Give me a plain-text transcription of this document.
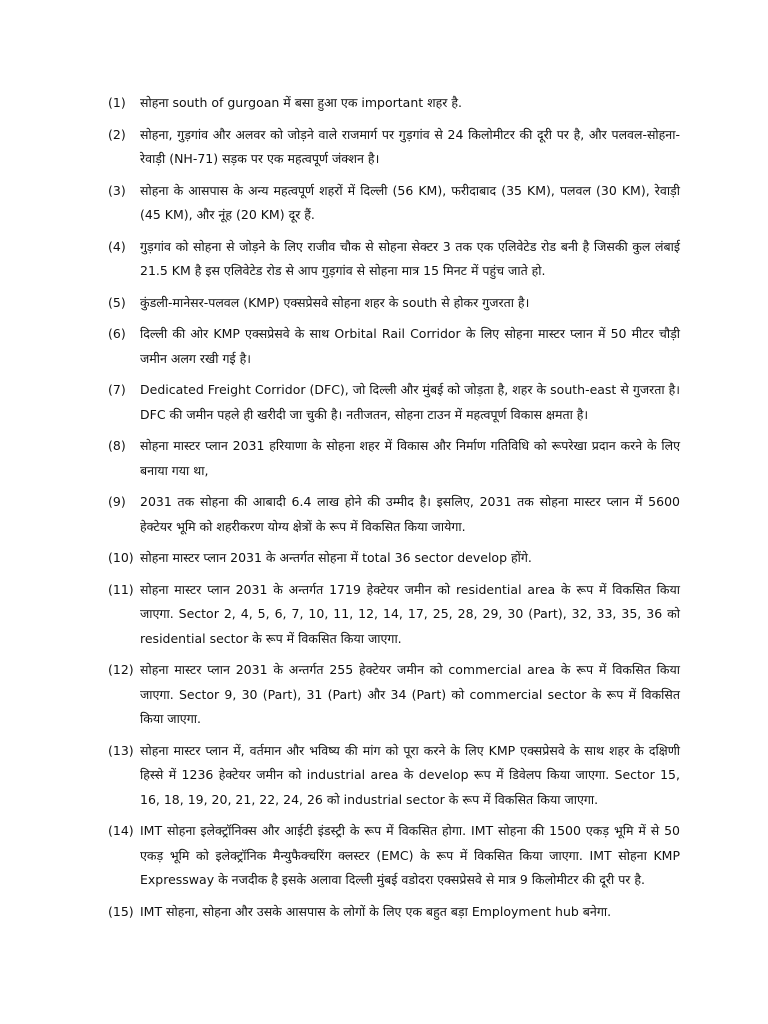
(1)	सोहना south of gurgoan में बसा हुआ एक important शहर है.
(2)	सोहना, गुड़गांव और अलवर को जोड़ने वाले राजमार्ग पर गुड़गांव से 24 किलोमीटर की दूरी पर है, और पलवल-सोहना-रेवाड़ी (NH-71) सड़क पर एक महत्वपूर्ण जंक्शन है।
(3)	सोहना के आसपास के अन्य महत्वपूर्ण शहरों में दिल्ली (56 KM), फरीदाबाद (35 KM), पलवल (30 KM), रेवाड़ी (45 KM), और नूंह (20 KM) दूर हैं.
(4)	गुड़गांव को सोहना से जोड़ने के लिए राजीव चौक से सोहना सेक्टर 3 तक एक एलिवेटेड रोड बनी है जिसकी कुल लंबाई 21.5 KM है इस एलिवेटेड रोड से आप गुड़गांव से सोहना मात्र 15 मिनट में पहुंच जाते हो.
(5)	कुंडली-मानेसर-पलवल (KMP) एक्सप्रेसवे सोहना शहर के south से होकर गुजरता है।
(6)	दिल्ली की ओर KMP एक्सप्रेसवे के साथ Orbital Rail Corridor के लिए सोहना मास्टर प्लान में 50 मीटर चौड़ी जमीन अलग रखी गई है।
(7)	Dedicated Freight Corridor (DFC), जो दिल्ली और मुंबई को जोड़ता है, शहर के south-east से गुजरता है। DFC की जमीन पहले ही खरीदी जा चुकी है। नतीजतन, सोहना टाउन में महत्वपूर्ण विकास क्षमता है।
(8)	सोहना मास्टर प्लान 2031 हरियाणा के सोहना शहर में विकास और निर्माण गतिविधि को रूपरेखा प्रदान करने के लिए बनाया गया था,
(9)	2031 तक सोहना की आबादी 6.4 लाख होने की उम्मीद है। इसलिए, 2031 तक सोहना मास्टर प्लान में 5600 हेक्टेयर भूमि को शहरीकरण योग्य क्षेत्रों के रूप में विकसित किया जायेगा.
(10) सोहना मास्टर प्लान 2031 के अन्तर्गत सोहना में total 36 sector develop होंगे.
(11) सोहना मास्टर प्लान 2031 के अन्तर्गत 1719 हेक्टेयर जमीन को residential area के रूप में विकसित किया जाएगा. Sector 2, 4, 5, 6, 7, 10, 11, 12, 14, 17, 25, 28, 29, 30 (Part), 32, 33, 35, 36 को residential sector के रूप में विकसित किया जाएगा.
(12) सोहना मास्टर प्लान 2031 के अन्तर्गत 255 हेक्टेयर जमीन को commercial area के रूप में विकसित किया जाएगा. Sector 9, 30 (Part), 31 (Part) और 34 (Part) को commercial sector के रूप में विकसित किया जाएगा.
(13) सोहना मास्टर प्लान में, वर्तमान और भविष्य की मांग को पूरा करने के लिए KMP एक्सप्रेसवे के साथ शहर के दक्षिणी हिस्से में 1236 हेक्टेयर जमीन को industrial area के develop रूप में डिवेलप किया जाएगा. Sector 15, 16, 18, 19, 20, 21, 22, 24, 26 को industrial sector के रूप में विकसित किया जाएगा.
(14) IMT सोहना इलेक्ट्रॉनिक्स और आईटी इंडस्ट्री के रूप में विकसित होगा. IMT सोहना की 1500 एकड़ भूमि में से 50 एकड़ भूमि को इलेक्ट्रॉनिक मैन्युफैक्चरिंग क्लस्टर (EMC) के रूप में विकसित किया जाएगा. IMT सोहना KMP Expressway के नजदीक है इसके अलावा दिल्ली मुंबई वडोदरा एक्सप्रेसवे से मात्र 9 किलोमीटर की दूरी पर है.
(15) IMT सोहना, सोहना और उसके आसपास के लोगों के लिए एक बहुत बड़ा Employment hub बनेगा.
